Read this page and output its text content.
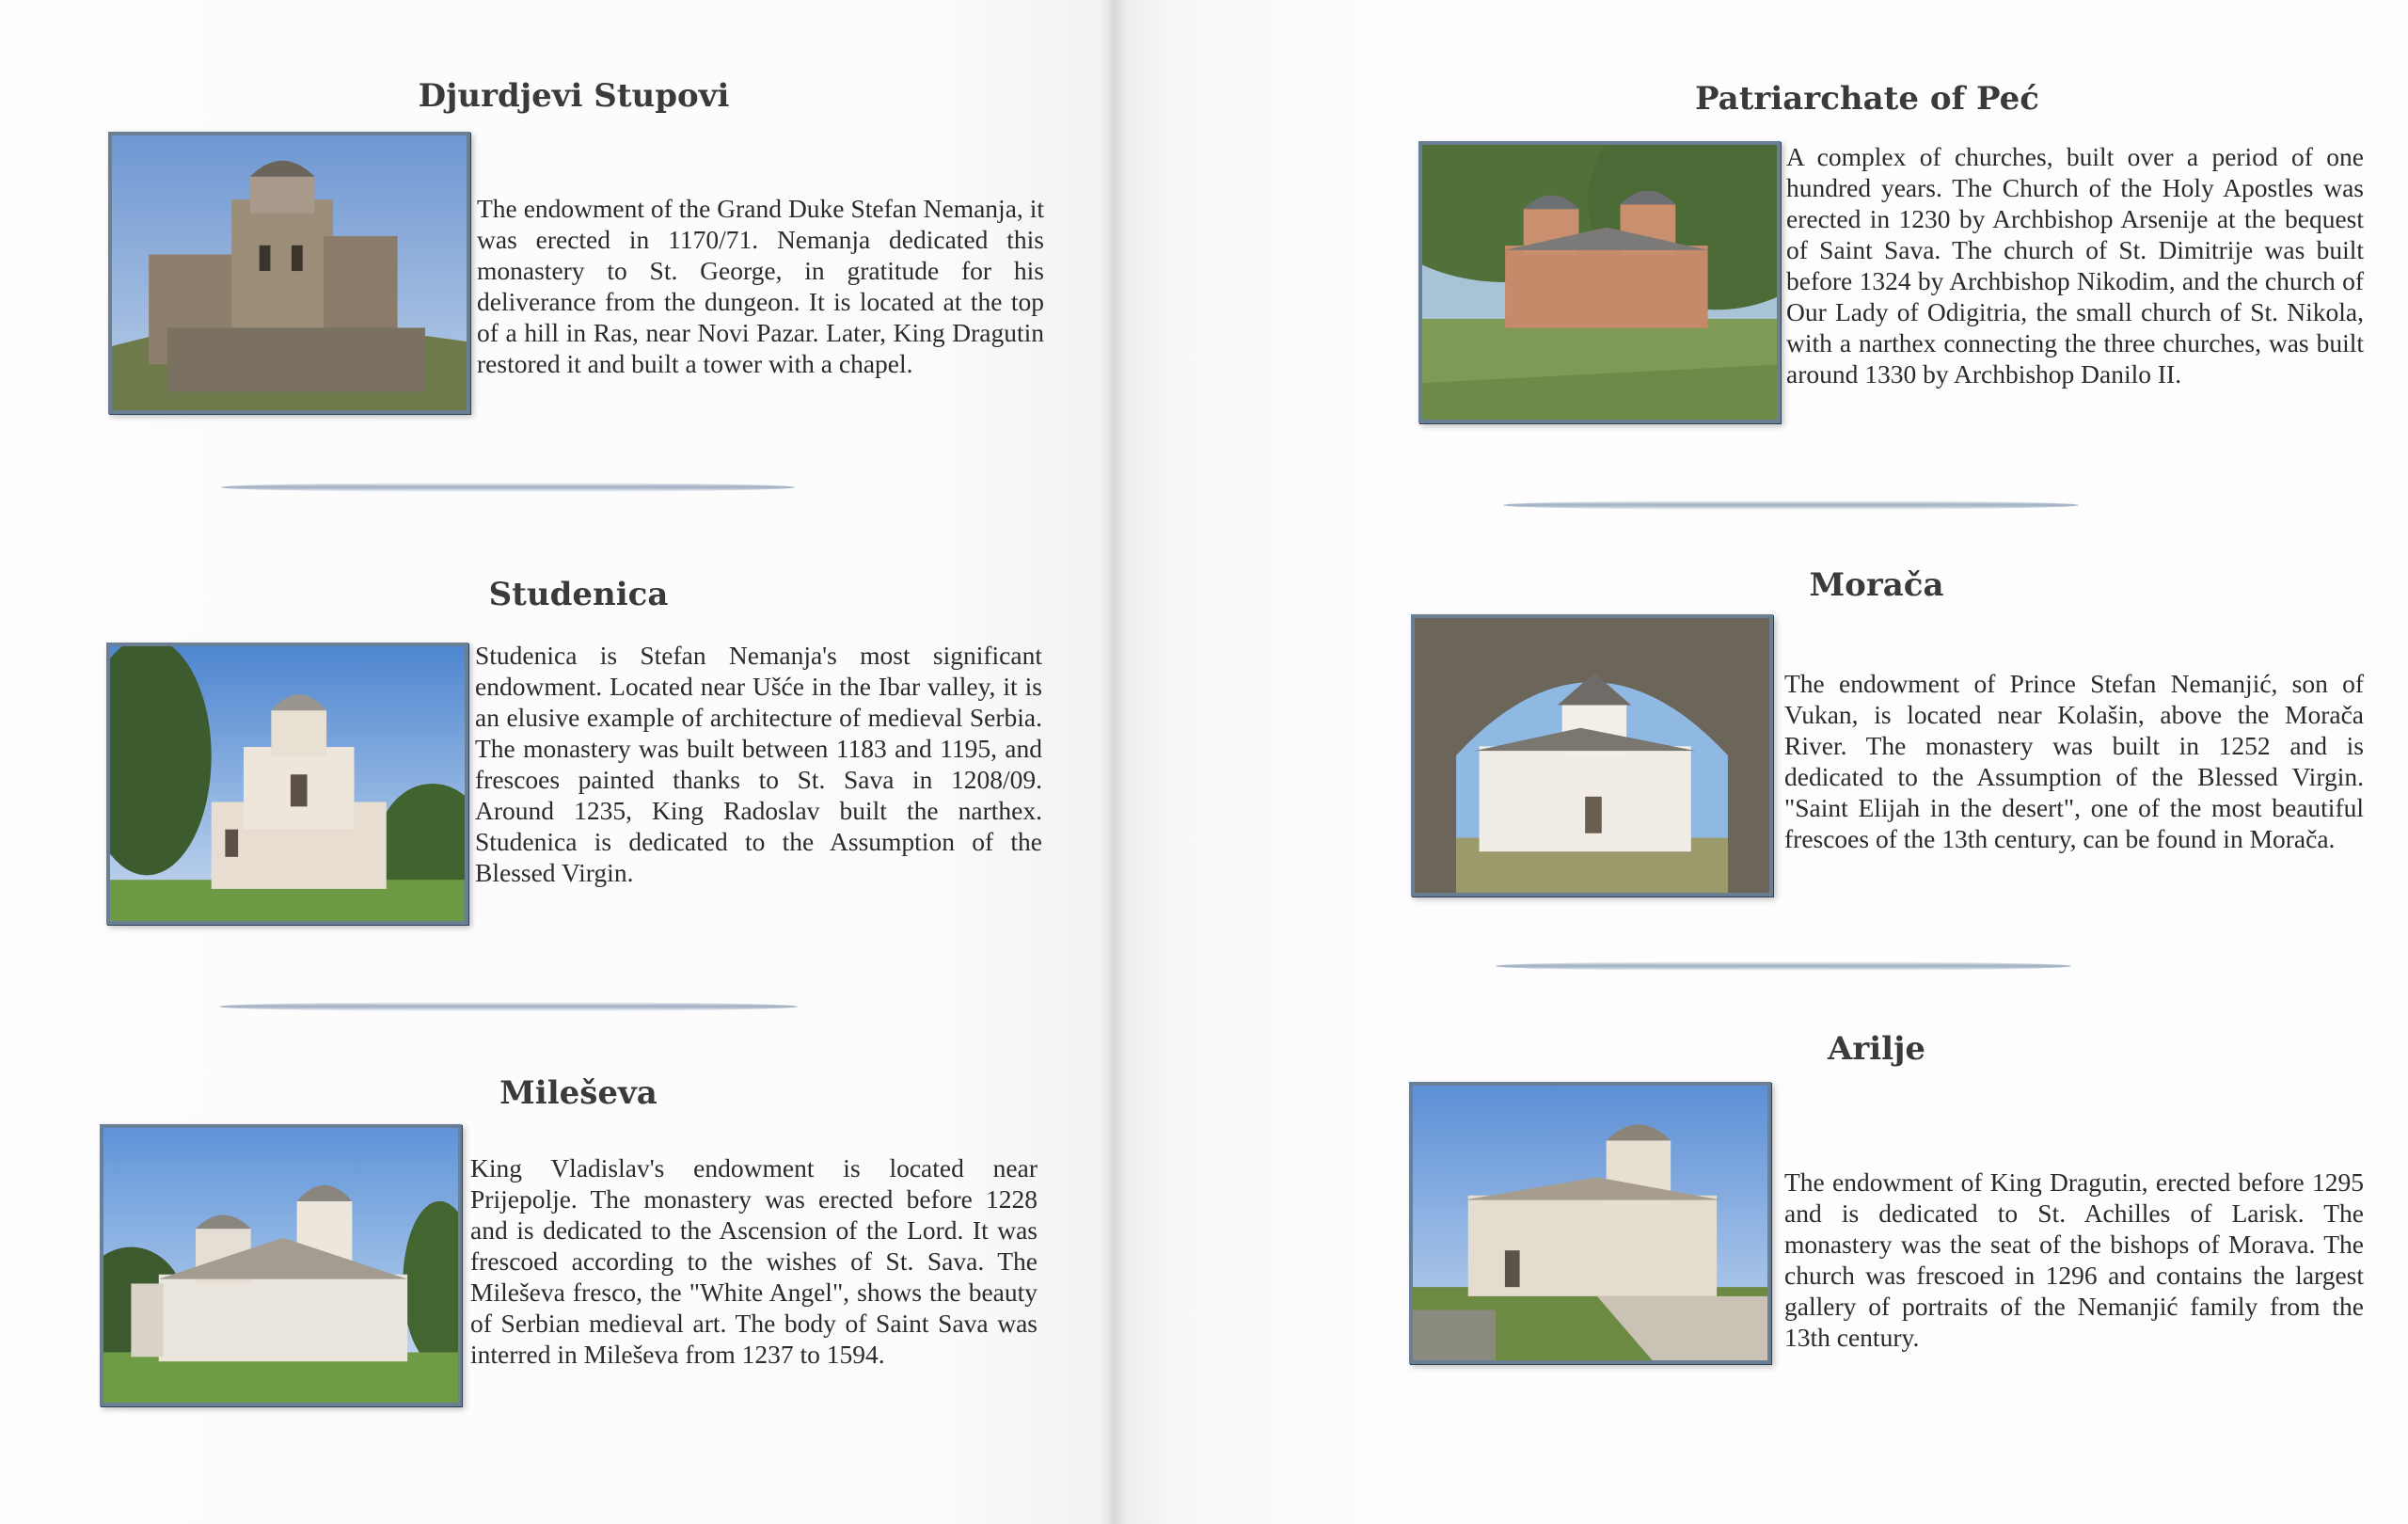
Djurdjevi Stupovi

The endowment of the Grand Duke Stefan Nemanja, it was erected in 1170/71. Nemanja dedicated this monastery to St. George, in gratitude for his deliverance from the dungeon. It is located at the top of a hill in Ras, near Novi Pazar. Later, King Dragutin restored it and built a tower with a chapel.

Studenica

Studenica is Stefan Nemanja's most significant endowment. Located near Ušće in the Ibar valley, it is an elusive example of architecture of medieval Serbia. The monastery was built between 1183 and 1195, and frescoes painted thanks to St. Sava in 1208/09. Around 1235, King Radoslav built the narthex. Studenica is dedicated to the Assumption of the Blessed Virgin.

Mileševa

King Vladislav's endowment is located near Prijepolje. The monastery was erected before 1228 and is dedicated to the Ascension of the Lord. It was frescoed according to the wishes of St. Sava. The Mileševa fresco, the "White Angel", shows the beauty of Serbian medieval art. The body of Saint Sava was interred in Mileševa from 1237 to 1594.

Patriarchate of Peć

A complex of churches, built over a period of one hundred years. The Church of the Holy Apostles was erected in 1230 by Archbishop Arsenije at the bequest of Saint Sava. The church of St. Dimitrije was built before 1324 by Archbishop Nikodim, and the church of Our Lady of Odigitria, the small church of St. Nikola, with a narthex connecting the three churches, was built around 1330 by Archbishop Danilo II.

Morača

The endowment of Prince Stefan Nemanjić, son of Vukan, is located near Kolašin, above the Morača River. The monastery was built in 1252 and is dedicated to the Assumption of the Blessed Virgin. "Saint Elijah in the desert", one of the most beautiful frescoes of the 13th century, can be found in Morača.

Arilje

The endowment of King Dragutin, erected before 1295 and is dedicated to St. Achilles of Larisk. The monastery was the seat of the bishops of Morava. The church was frescoed in 1296 and contains the largest gallery of portraits of the Nemanjić family from the 13th century.
